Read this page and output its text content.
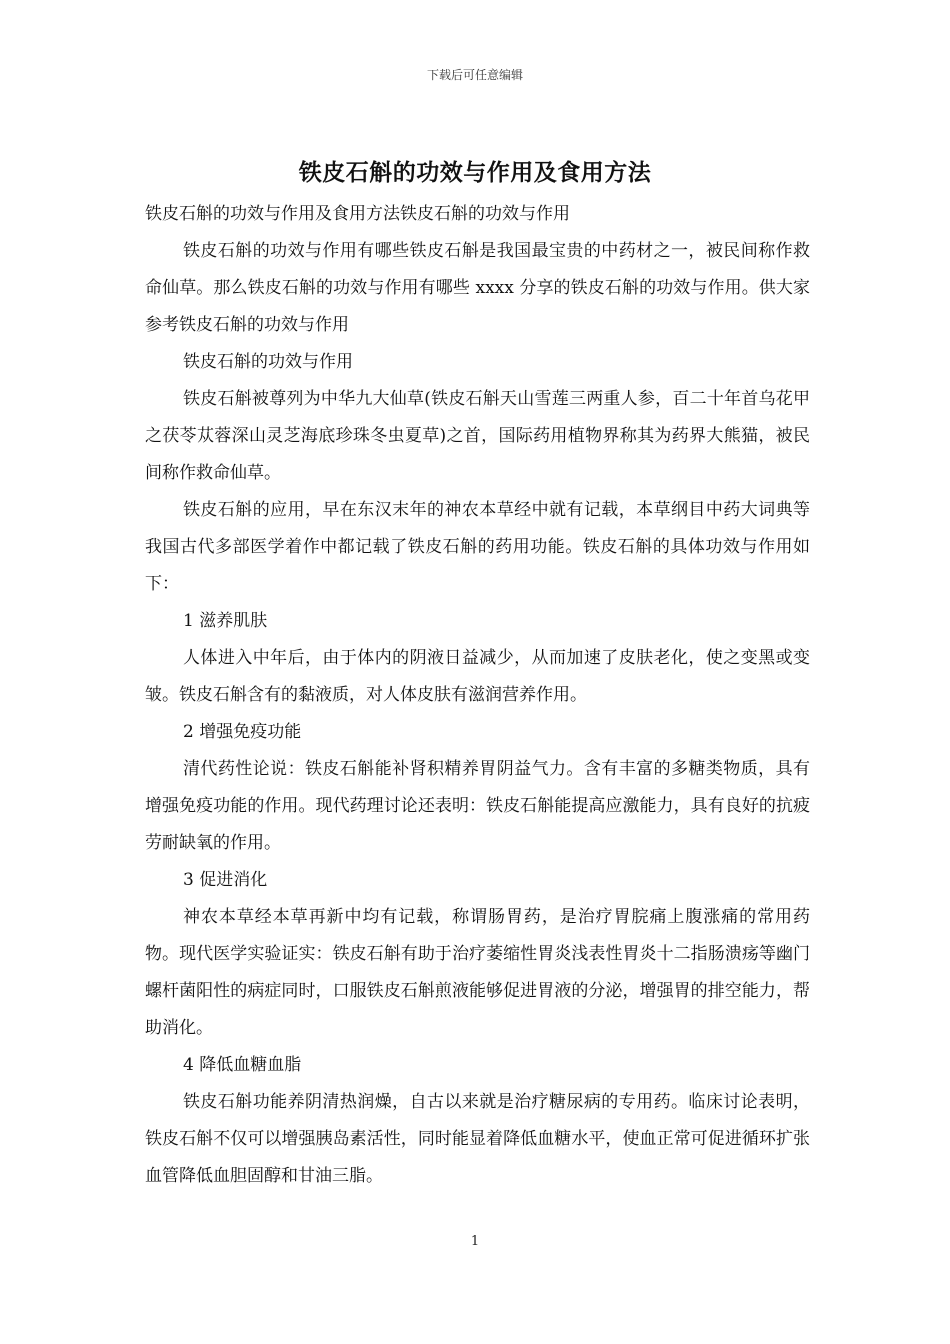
下载后可任意编辑
铁皮石斛的功效与作用及食用方法

铁皮石斛的功效与作用及食用方法铁皮石斛的功效与作用

铁皮石斛的功效与作用有哪些铁皮石斛是我国最宝贵的中药材之一，被民间称作救命仙草。那么铁皮石斛的功效与作用有哪些 xxxx 分享的铁皮石斛的功效与作用。供大家参考铁皮石斛的功效与作用

铁皮石斛的功效与作用

铁皮石斛被尊列为中华九大仙草(铁皮石斛天山雪莲三两重人参，百二十年首乌花甲之茯苓苁蓉深山灵芝海底珍珠冬虫夏草)之首，国际药用植物界称其为药界大熊猫，被民间称作救命仙草。

铁皮石斛的应用，早在东汉末年的神农本草经中就有记载，本草纲目中药大词典等我国古代多部医学着作中都记载了铁皮石斛的药用功能。铁皮石斛的具体功效与作用如下：

1 滋养肌肤

人体进入中年后，由于体内的阴液日益减少，从而加速了皮肤老化，使之变黑或变皱。铁皮石斛含有的黏液质，对人体皮肤有滋润营养作用。

2 增强免疫功能

清代药性论说：铁皮石斛能补肾积精养胃阴益气力。含有丰富的多糖类物质，具有增强免疫功能的作用。现代药理讨论还表明：铁皮石斛能提高应激能力，具有良好的抗疲劳耐缺氧的作用。

3 促进消化

神农本草经本草再新中均有记载，称谓肠胃药，是治疗胃脘痛上腹涨痛的常用药物。现代医学实验证实：铁皮石斛有助于治疗萎缩性胃炎浅表性胃炎十二指肠溃疡等幽门螺杆菌阳性的病症同时，口服铁皮石斛煎液能够促进胃液的分泌，增强胃的排空能力，帮助消化。

4 降低血糖血脂

铁皮石斛功能养阴清热润燥，自古以来就是治疗糖尿病的专用药。临床讨论表明，铁皮石斛不仅可以增强胰岛素活性，同时能显着降低血糖水平，使血正常可促进循环扩张血管降低血胆固醇和甘油三脂。

1
